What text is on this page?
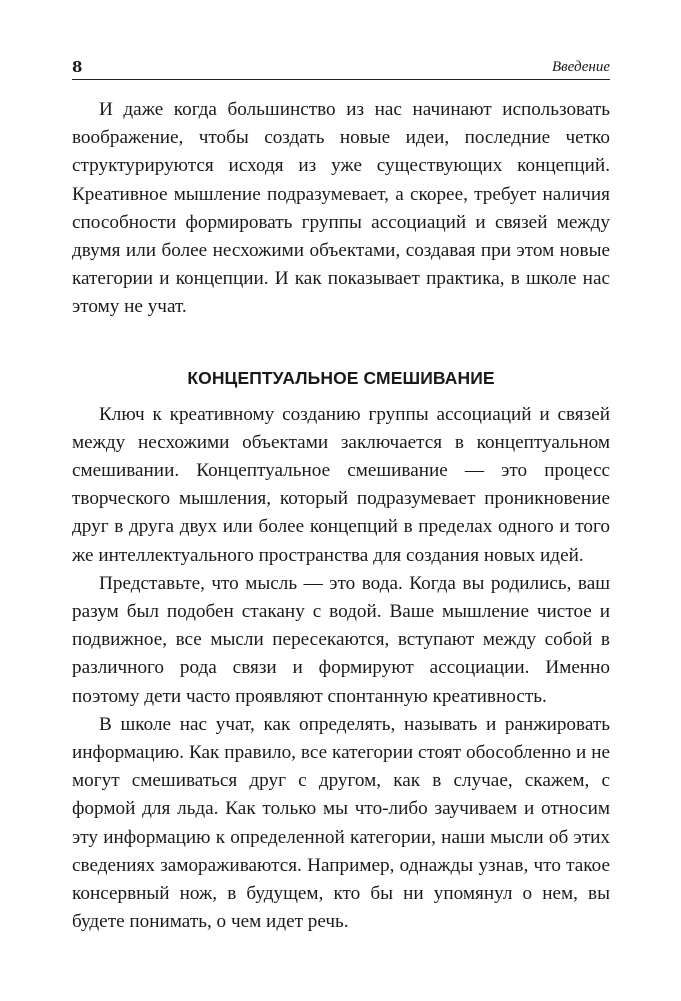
8	Введение

И даже когда большинство из нас начинают использовать воображение, чтобы создать новые идеи, последние четко структурируются исходя из уже существующих концепций. Креативное мышление подразумевает, а скорее, требует наличия способности формировать группы ассоциаций и связей между двумя или более несхожими объектами, создавая при этом новые категории и концепции. И как показывает практика, в школе нас этому не учат.

КОНЦЕПТУАЛЬНОЕ СМЕШИВАНИЕ

Ключ к креативному созданию группы ассоциаций и связей между несхожими объектами заключается в концептуальном смешивании. Концептуальное смешивание — это процесс творческого мышления, который подразумевает проникновение друг в друга двух или более концепций в пределах одного и того же интеллектуального пространства для создания новых идей.

Представьте, что мысль — это вода. Когда вы родились, ваш разум был подобен стакану с водой. Ваше мышление чистое и подвижное, все мысли пересекаются, вступают между собой в различного рода связи и формируют ассоциации. Именно поэтому дети часто проявляют спонтанную креативность.

В школе нас учат, как определять, называть и ранжировать информацию. Как правило, все категории стоят обособленно и не могут смешиваться друг с другом, как в случае, скажем, с формой для льда. Как только мы что-либо заучиваем и относим эту информацию к определенной категории, наши мысли об этих сведениях замораживаются. Например, однажды узнав, что такое консервный нож, в будущем, кто бы ни упомянул о нем, вы будете понимать, о чем идет речь.
